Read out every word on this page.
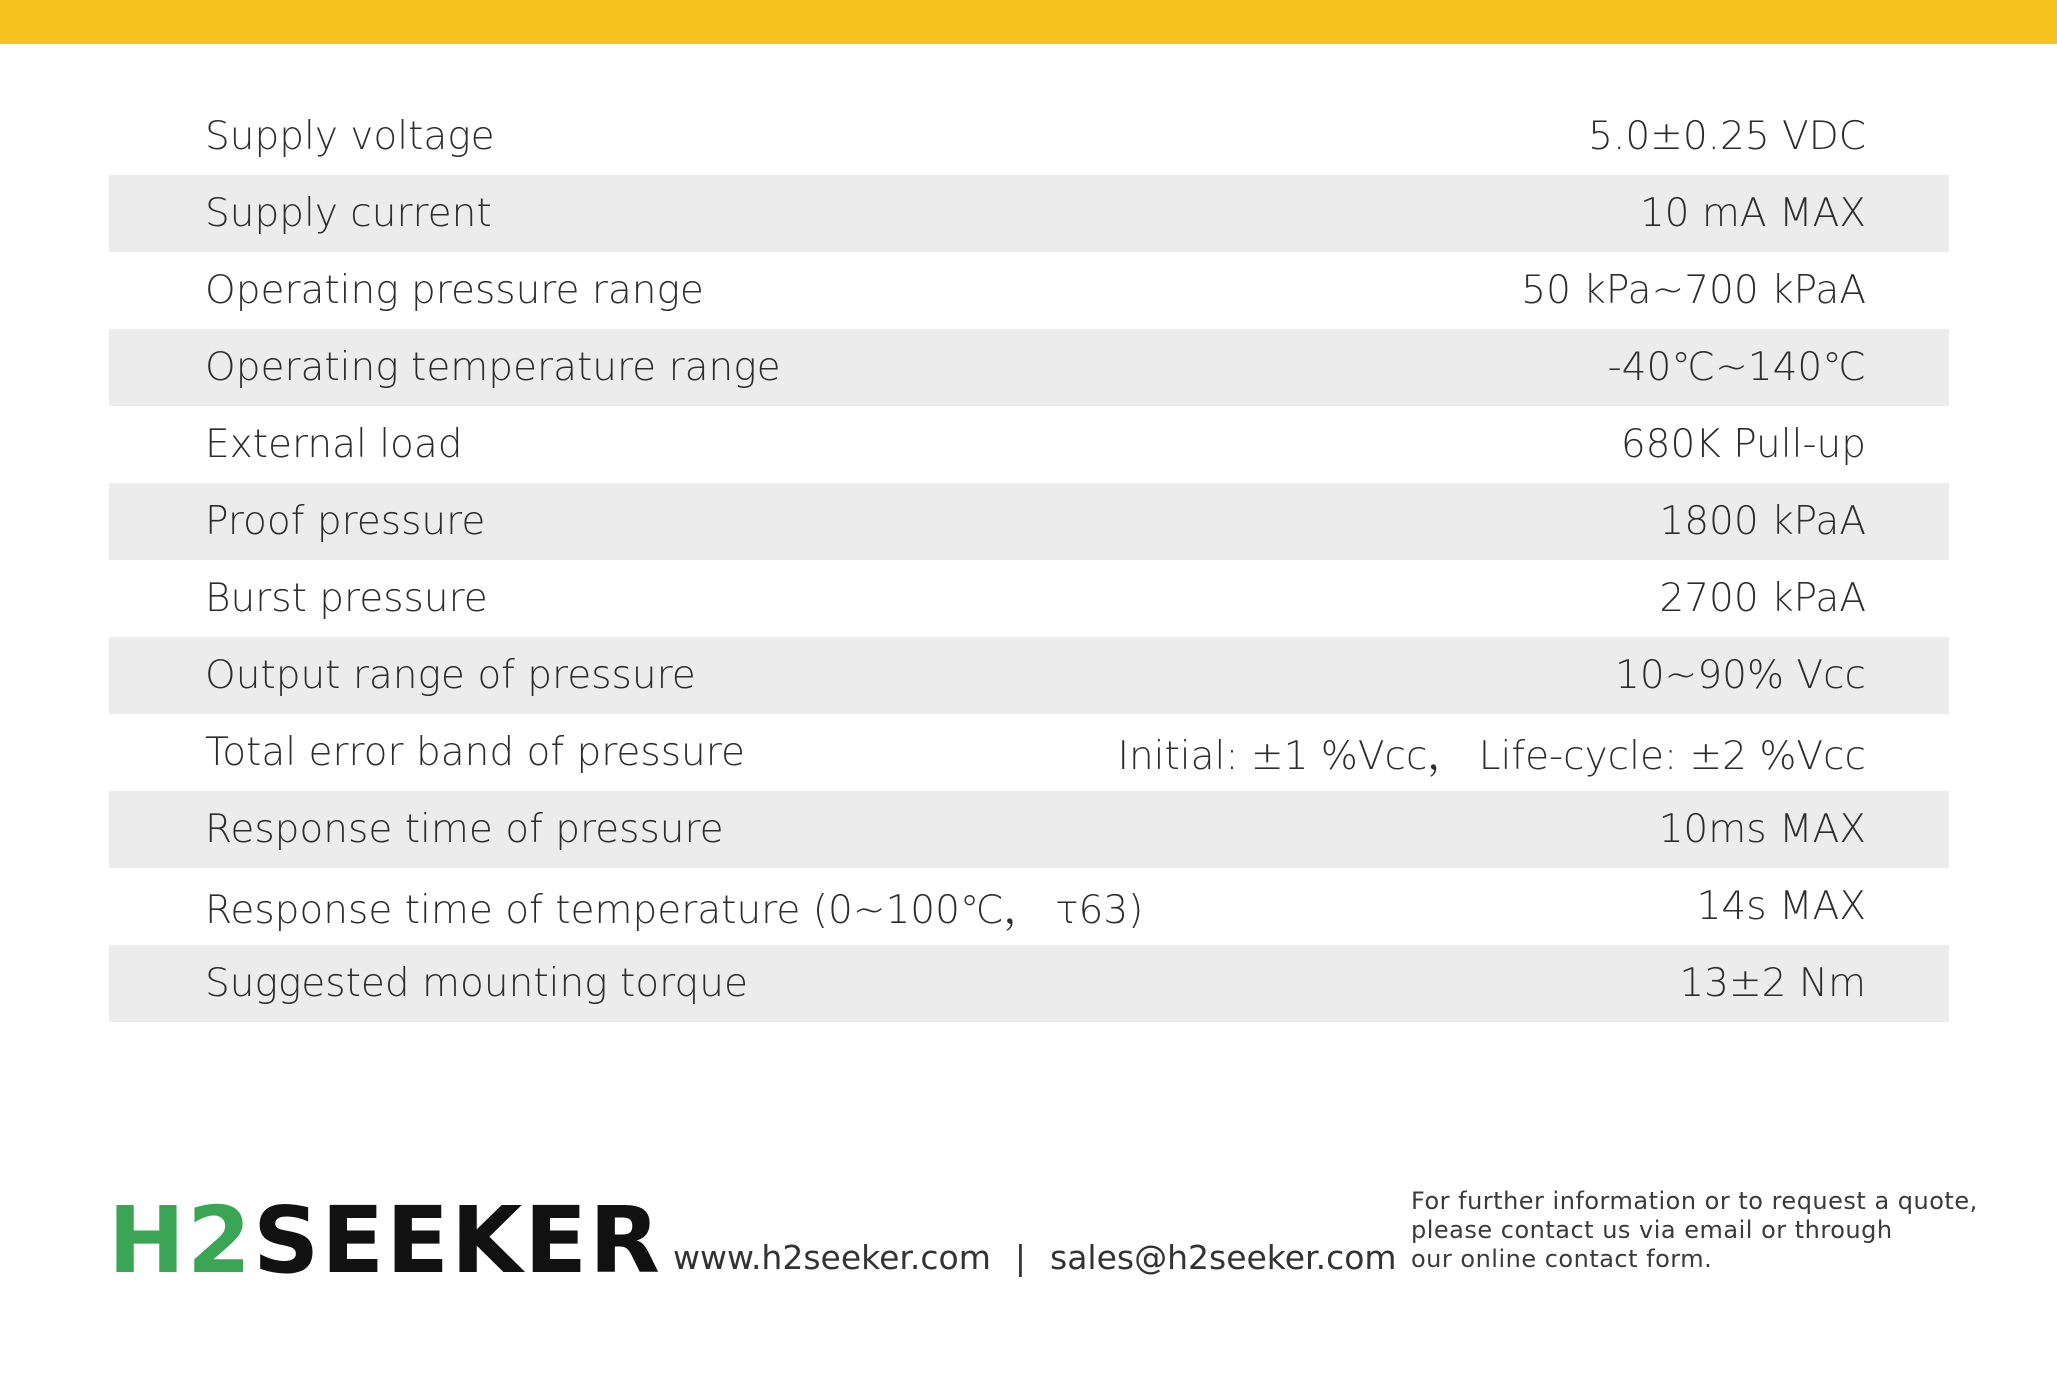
Supply voltage	5.0±0.25 VDC
Supply current	10 mA MAX
Operating pressure range	50 kPa~700 kPaA
Operating temperature range	-40℃~140℃
External load	680K Pull-up
Proof pressure	1800 kPaA
Burst pressure	2700 kPaA
Output range of pressure	10~90% Vcc
Total error band of pressure	Initial: ±1 %Vcc， Life-cycle: ±2 %Vcc
Response time of pressure	10ms MAX
Response time of temperature (0~100℃， τ63)	14s MAX
Suggested mounting torque	13±2 Nm
H2SEEKER www.h2seeker.com | sales@h2seeker.com
For further information or to request a quote,
please contact us via email or through
our online contact form.
